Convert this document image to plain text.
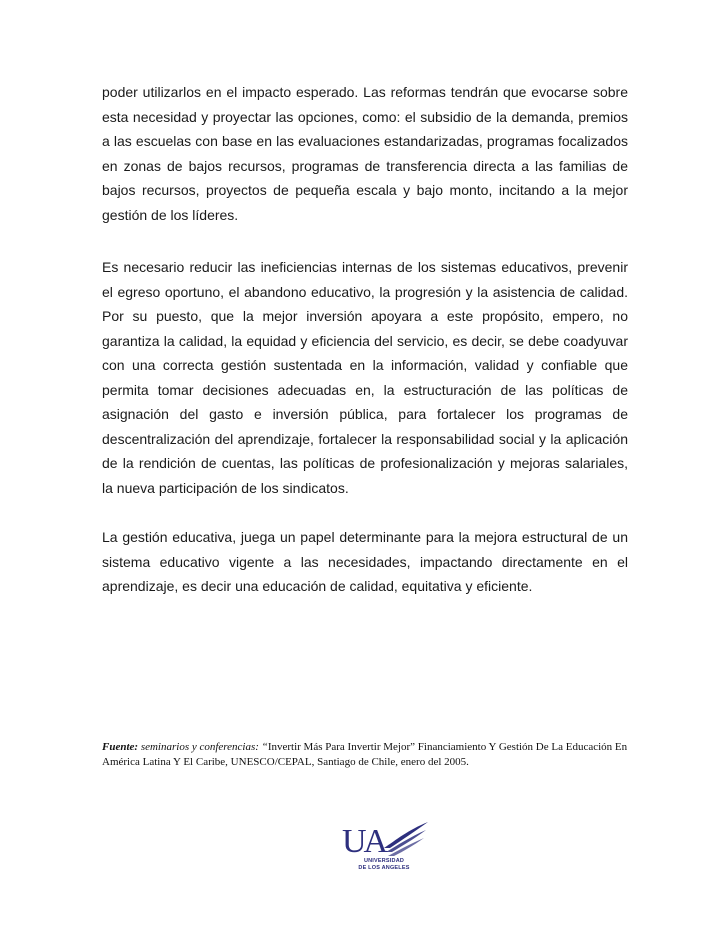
poder utilizarlos en el impacto esperado. Las reformas tendrán que evocarse sobre esta necesidad y proyectar las opciones, como: el subsidio de la demanda, premios a las escuelas con base en las evaluaciones estandarizadas, programas focalizados en zonas de bajos recursos, programas de transferencia directa a las familias de bajos recursos, proyectos de pequeña escala y bajo monto, incitando a la mejor gestión de los líderes.

Es necesario reducir las ineficiencias internas de los sistemas educativos, prevenir el egreso oportuno, el abandono educativo, la progresión y la asistencia de calidad. Por su puesto, que la mejor inversión apoyara a este propósito, empero, no garantiza la calidad, la equidad y eficiencia del servicio, es decir, se debe coadyuvar con una correcta gestión sustentada en la información, validad y confiable que permita tomar decisiones adecuadas en, la estructuración de las políticas de asignación del gasto e inversión pública, para fortalecer los programas de descentralización del aprendizaje, fortalecer la responsabilidad social y la aplicación de la rendición de cuentas, las políticas de profesionalización y mejoras salariales, la nueva participación de los sindicatos.

La gestión educativa, juega un papel determinante para la mejora estructural de un sistema educativo vigente a las necesidades, impactando directamente en el aprendizaje, es decir una educación de calidad, equitativa y eficiente.

Fuente: seminarios y conferencias: “Invertir Más Para Invertir Mejor” Financiamiento Y Gestión De La Educación En América Latina Y El Caribe, UNESCO/CEPAL, Santiago de Chile, enero del 2005.

UA
UNIVERSIDAD
DE LOS ANGELES
